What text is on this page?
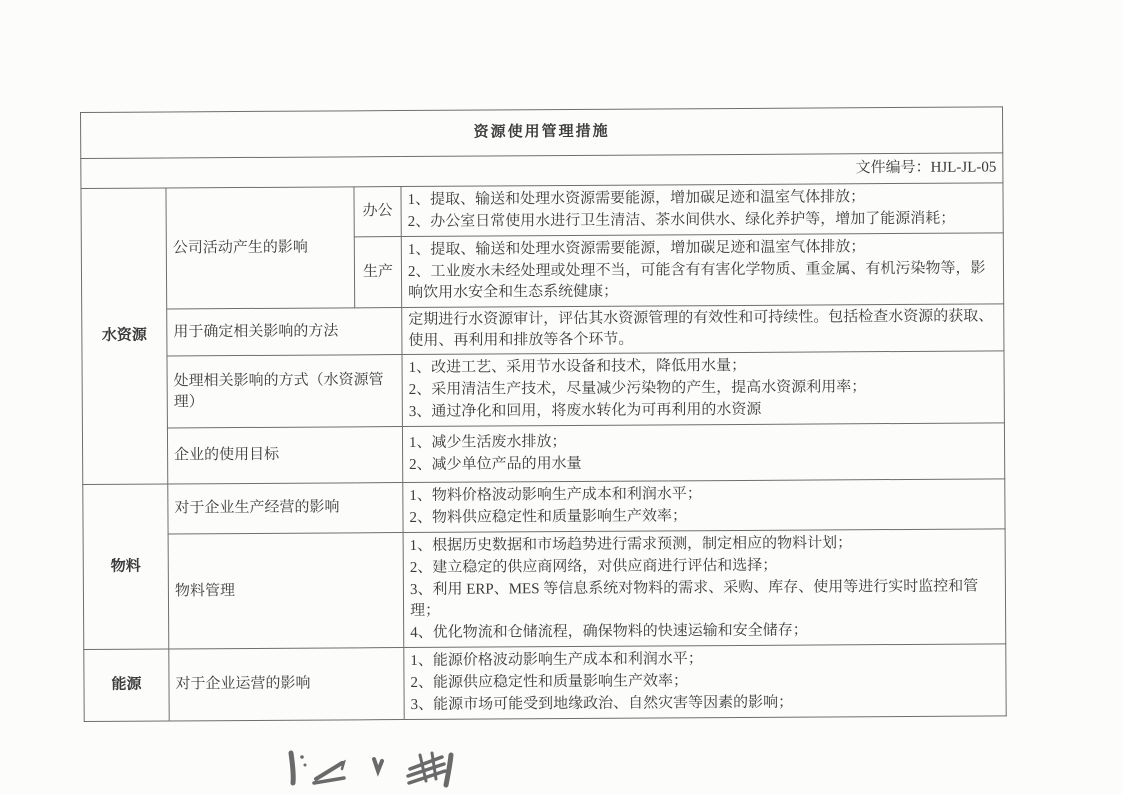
资源使用管理措施			
文件编号：HJL-JL-05			
水资源	公司活动产生的影响	办公	1、提取、输送和处理水资源需要能源，增加碳足迹和温室气体排放；
2、办公室日常使用水进行卫生清洁、茶水间供水、绿化养护等，增加了能源消耗；

		生产	1、提取、输送和处理水资源需要能源，增加碳足迹和温室气体排放；
2、工业废水未经处理或处理不当，可能含有有害化学物质、重金属、有机污染物等，影响饮用水安全和生态系统健康；

	用于确定相关影响的方法		定期进行水资源审计，评估其水资源管理的有效性和可持续性。包括检查水资源的获取、使用、再利用和排放等各个环节。
	处理相关影响的方式（水资源管理）		1、改进工艺、采用节水设备和技术，降低用水量；
2、采用清洁生产技术，尽量减少污染物的产生，提高水资源利用率；
3、通过净化和回用，将废水转化为可再利用的水资源

	企业的使用目标		1、减少生活废水排放；
2、减少单位产品的用水量

物料	对于企业生产经营的影响		1、物料价格波动影响生产成本和利润水平；
2、物料供应稳定性和质量影响生产效率；

	物料管理		1、根据历史数据和市场趋势进行需求预测，制定相应的物料计划；
2、建立稳定的供应商网络，对供应商进行评估和选择；
3、利用 ERP、MES 等信息系统对物料的需求、采购、库存、使用等进行实时监控和管理；
4、优化物流和仓储流程，确保物料的快速运输和安全储存；

能源	对于企业运营的影响		1、能源价格波动影响生产成本和利润水平；
2、能源供应稳定性和质量影响生产效率；
3、能源市场可能受到地缘政治、自然灾害等因素的影响；
